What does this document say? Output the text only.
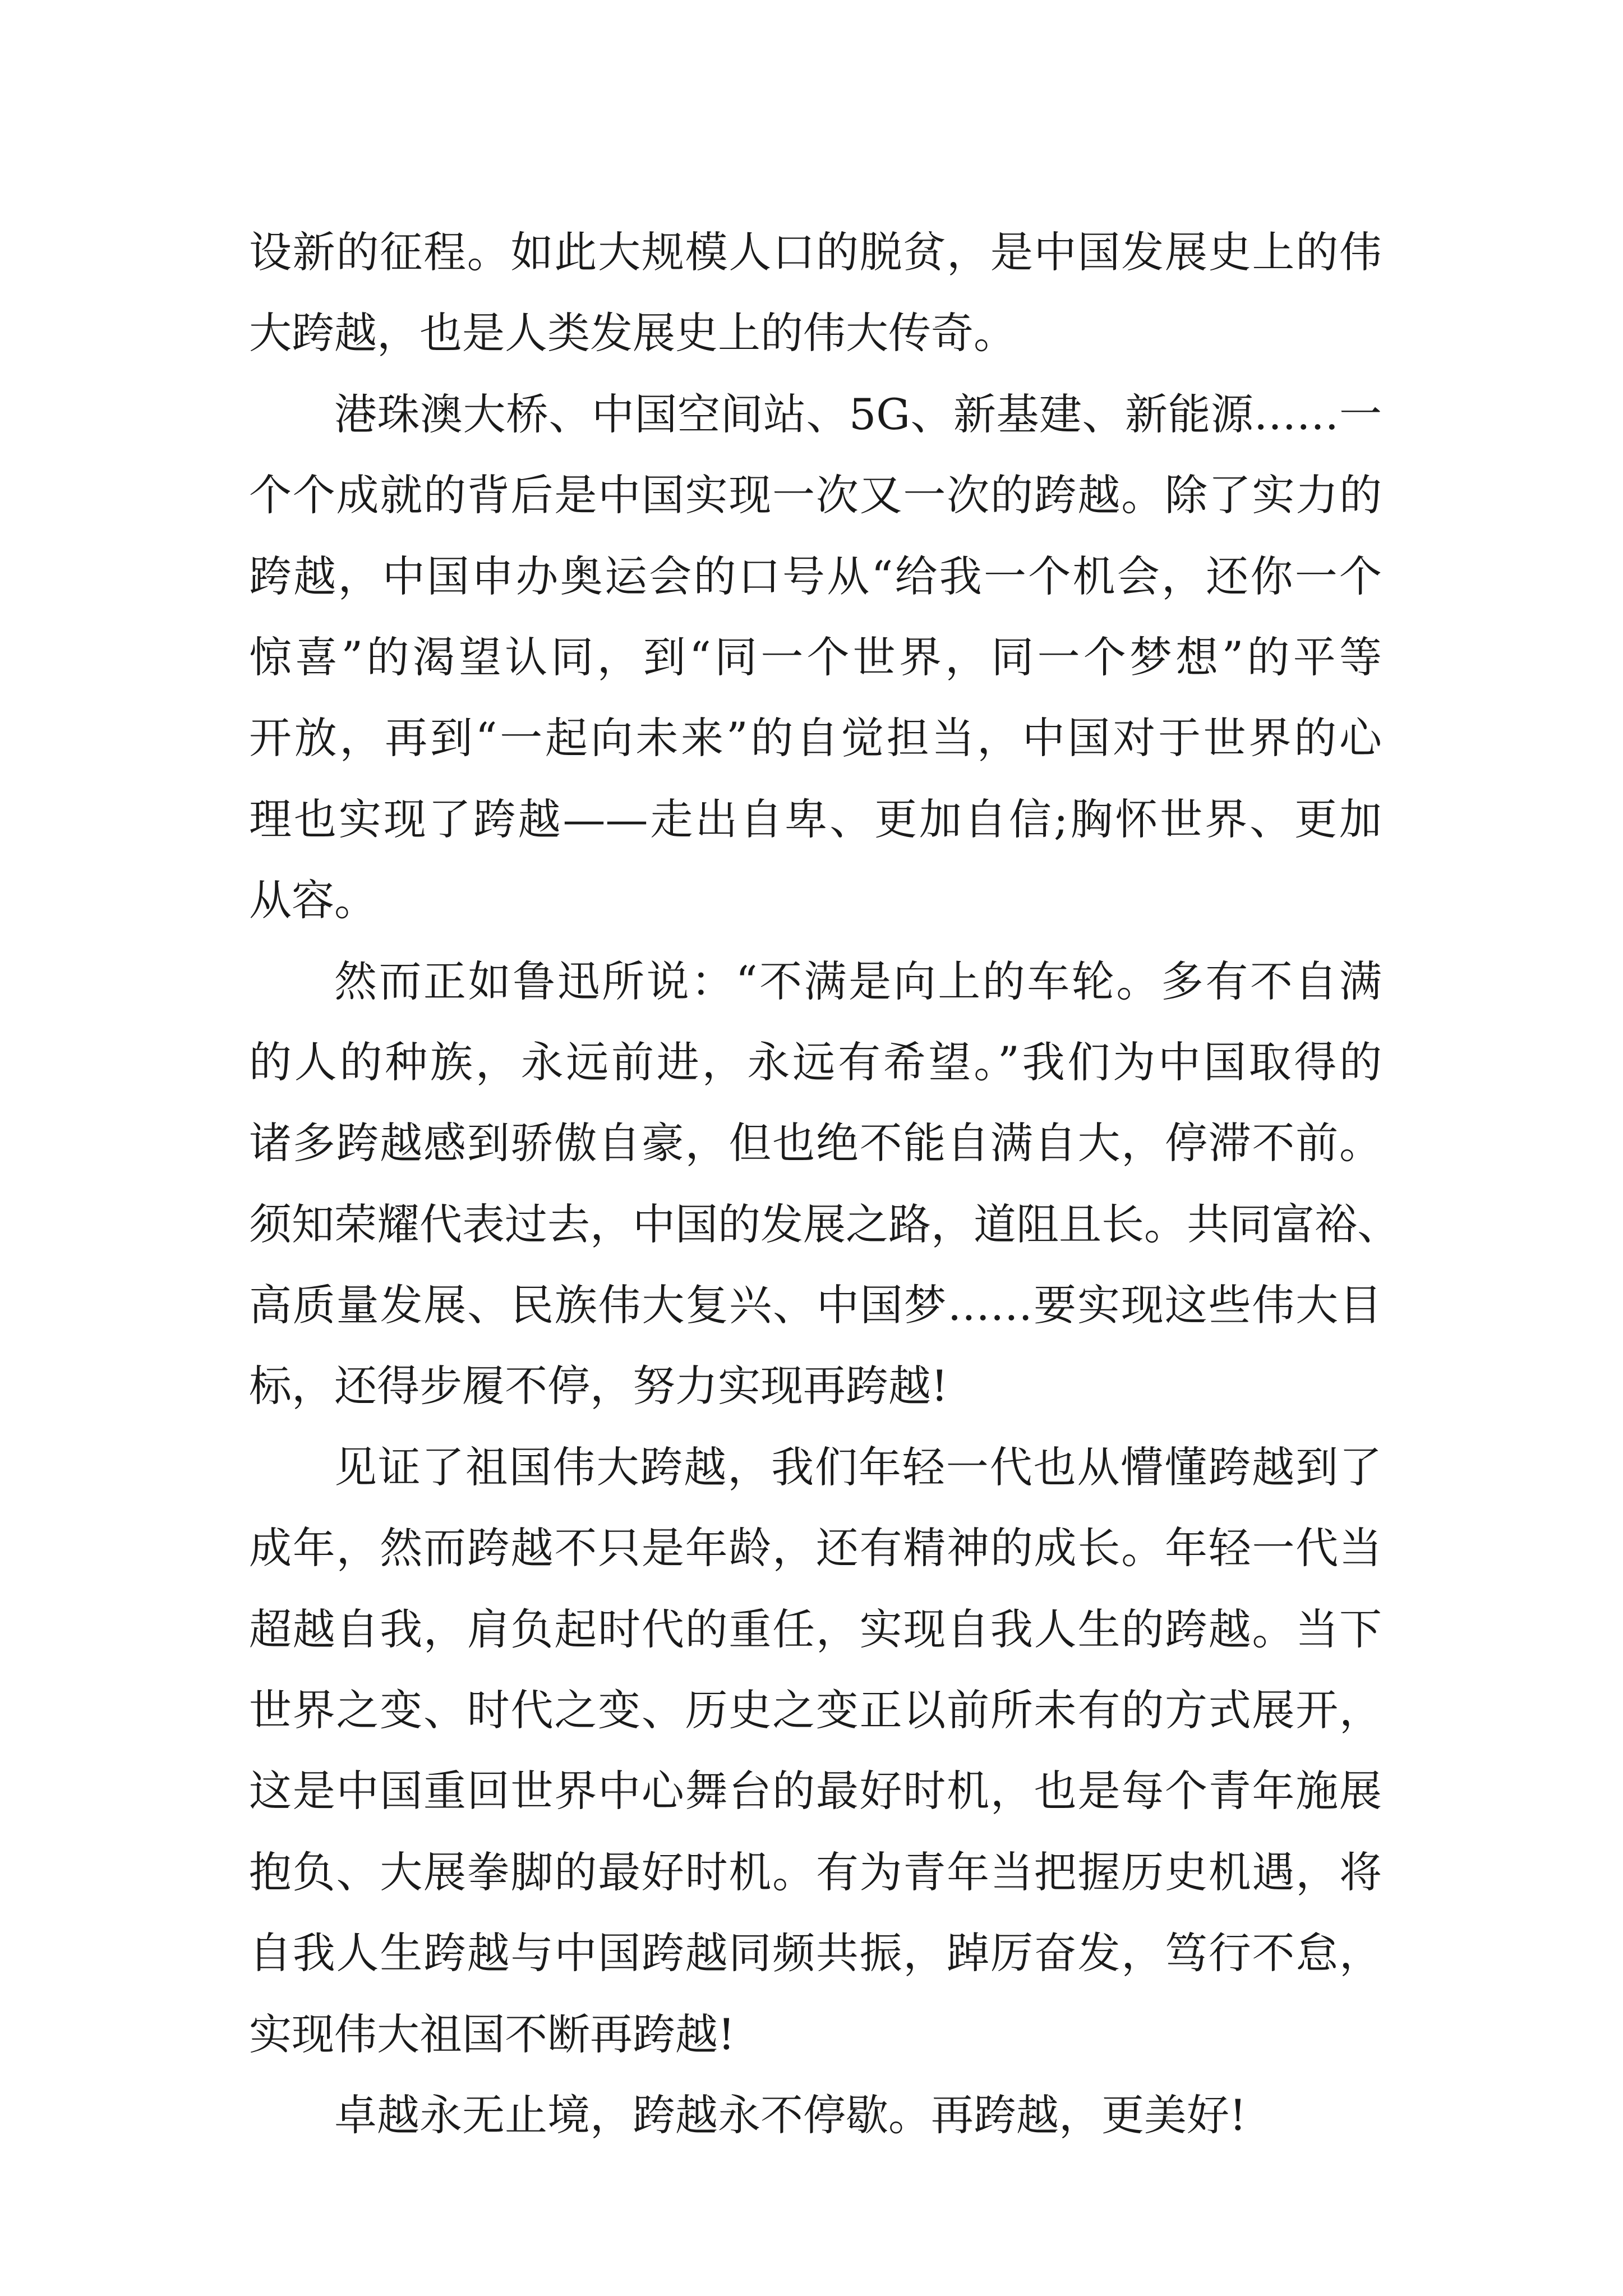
设新的征程。如此大规模人口的脱贫，是中国发展史上的伟
大跨越，也是人类发展史上的伟大传奇。
港珠澳大桥、中国空间站、5G、新基建、新能源……一
个个成就的背后是中国实现一次又一次的跨越。除了实力的
跨越，中国申办奥运会的口号从“给我一个机会，还你一个
惊喜”的渴望认同，到“同一个世界，同一个梦想”的平等
开放，再到“一起向未来”的自觉担当，中国对于世界的心
理也实现了跨越——走出自卑、更加自信;胸怀世界、更加
从容。
然而正如鲁迅所说：“不满是向上的车轮。多有不自满
的人的种族，永远前进，永远有希望。”我们为中国取得的
诸多跨越感到骄傲自豪，但也绝不能自满自大，停滞不前。
须知荣耀代表过去，中国的发展之路，道阻且长。共同富裕、
高质量发展、民族伟大复兴、中国梦……要实现这些伟大目
标，还得步履不停，努力实现再跨越!
见证了祖国伟大跨越，我们年轻一代也从懵懂跨越到了
成年，然而跨越不只是年龄，还有精神的成长。年轻一代当
超越自我，肩负起时代的重任，实现自我人生的跨越。当下
世界之变、时代之变、历史之变正以前所未有的方式展开，
这是中国重回世界中心舞台的最好时机，也是每个青年施展
抱负、大展拳脚的最好时机。有为青年当把握历史机遇，将
自我人生跨越与中国跨越同频共振，踔厉奋发，笃行不怠，
实现伟大祖国不断再跨越!
卓越永无止境，跨越永不停歇。再跨越，更美好!
